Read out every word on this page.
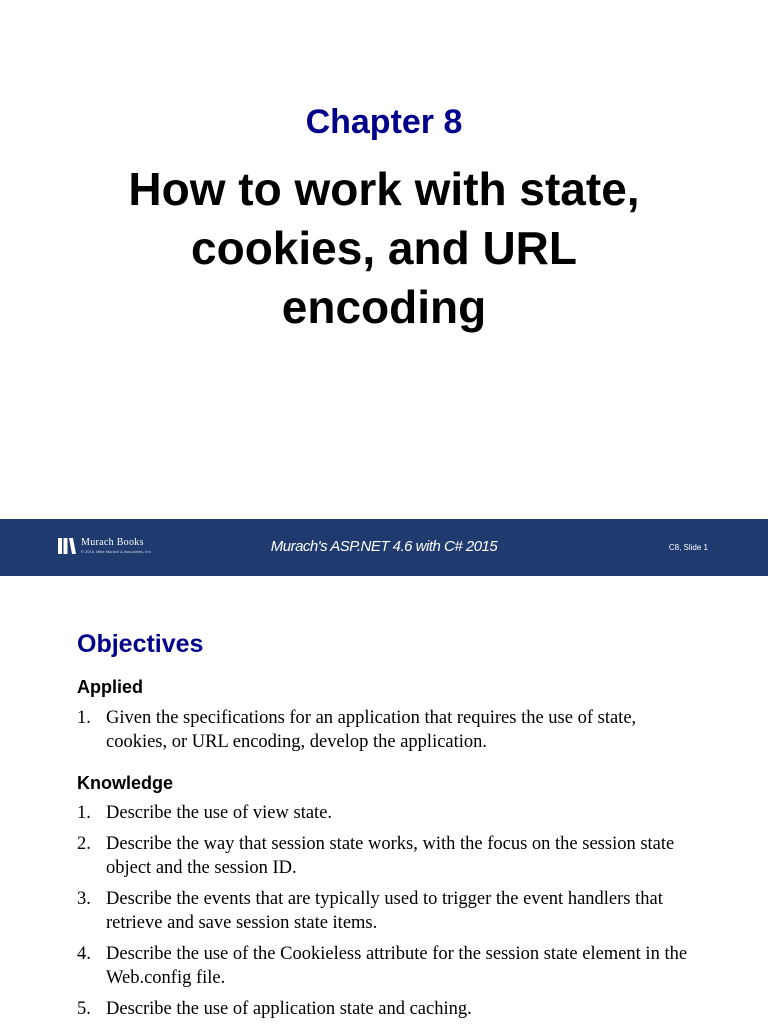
Chapter 8
How to work with state,
cookies, and URL
encoding
Murach Books
© 2016, Mike Murach & Associates, Inc.	Murach's ASP.NET 4.6 with C# 2015	C8, Slide 1
Objectives
Applied
1. Given the specifications for an application that requires the use of state, cookies, or URL encoding, develop the application.
Knowledge
1. Describe the use of view state.
2. Describe the way that session state works, with the focus on the session state object and the session ID.
3. Describe the events that are typically used to trigger the event handlers that retrieve and save session state items.
4. Describe the use of the Cookieless attribute for the session state element in the Web.config file.
5. Describe the use of application state and caching.
